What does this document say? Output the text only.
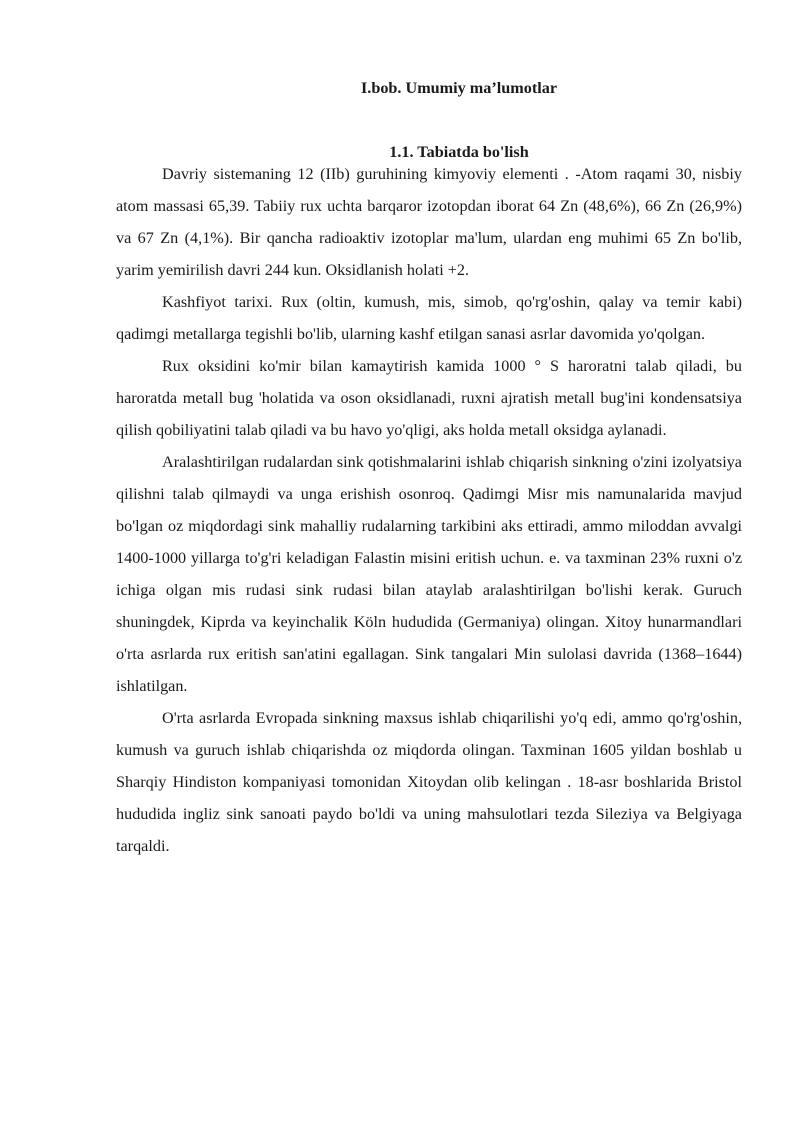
I.bob. Umumiy ma’lumotlar
1.1. Tabiatda bo'lish

Davriy sistemaning 12 (IIb) guruhining kimyoviy elementi . -Atom raqami 30, nisbiy atom massasi 65,39. Tabiiy rux uchta barqaror izotopdan iborat 64 Zn (48,6%), 66 Zn (26,9%) va 67 Zn (4,1%). Bir qancha radioaktiv izotoplar ma'lum, ulardan eng muhimi 65 Zn bo'lib, yarim yemirilish davri 244 kun. Oksidlanish holati +2.

Kashfiyot tarixi. Rux (oltin, kumush, mis, simob, qo'rg'oshin, qalay va temir kabi) qadimgi metallarga tegishli bo'lib, ularning kashf etilgan sanasi asrlar davomida yo'qolgan.

Rux oksidini ko'mir bilan kamaytirish kamida 1000 ° S haroratni talab qiladi, bu haroratda metall bug 'holatida va oson oksidlanadi, ruxni ajratish metall bug'ini kondensatsiya qilish qobiliyatini talab qiladi va bu havo yo'qligi, aks holda metall oksidga aylanadi.

Aralashtirilgan rudalardan sink qotishmalarini ishlab chiqarish sinkning o'zini izolyatsiya qilishni talab qilmaydi va unga erishish osonroq. Qadimgi Misr mis namunalarida mavjud bo'lgan oz miqdordagi sink mahalliy rudalarning tarkibini aks ettiradi, ammo miloddan avvalgi 1400-1000 yillarga to'g'ri keladigan Falastin misini eritish uchun. e. va taxminan 23% ruxni o'z ichiga olgan mis rudasi sink rudasi bilan ataylab aralashtirilgan bo'lishi kerak. Guruch shuningdek, Kiprda va keyinchalik Köln hududida (Germaniya) olingan. Xitoy hunarmandlari o'rta asrlarda rux eritish san'atini egallagan. Sink tangalari Min sulolasi davrida (1368–1644) ishlatilgan.

O'rta asrlarda Evropada sinkning maxsus ishlab chiqarilishi yo'q edi, ammo qo'rg'oshin, kumush va guruch ishlab chiqarishda oz miqdorda olingan. Taxminan 1605 yildan boshlab u Sharqiy Hindiston kompaniyasi tomonidan Xitoydan olib kelingan . 18-asr boshlarida Bristol hududida ingliz sink sanoati paydo bo'ldi va uning mahsulotlari tezda Sileziya va Belgiyaga tarqaldi.
